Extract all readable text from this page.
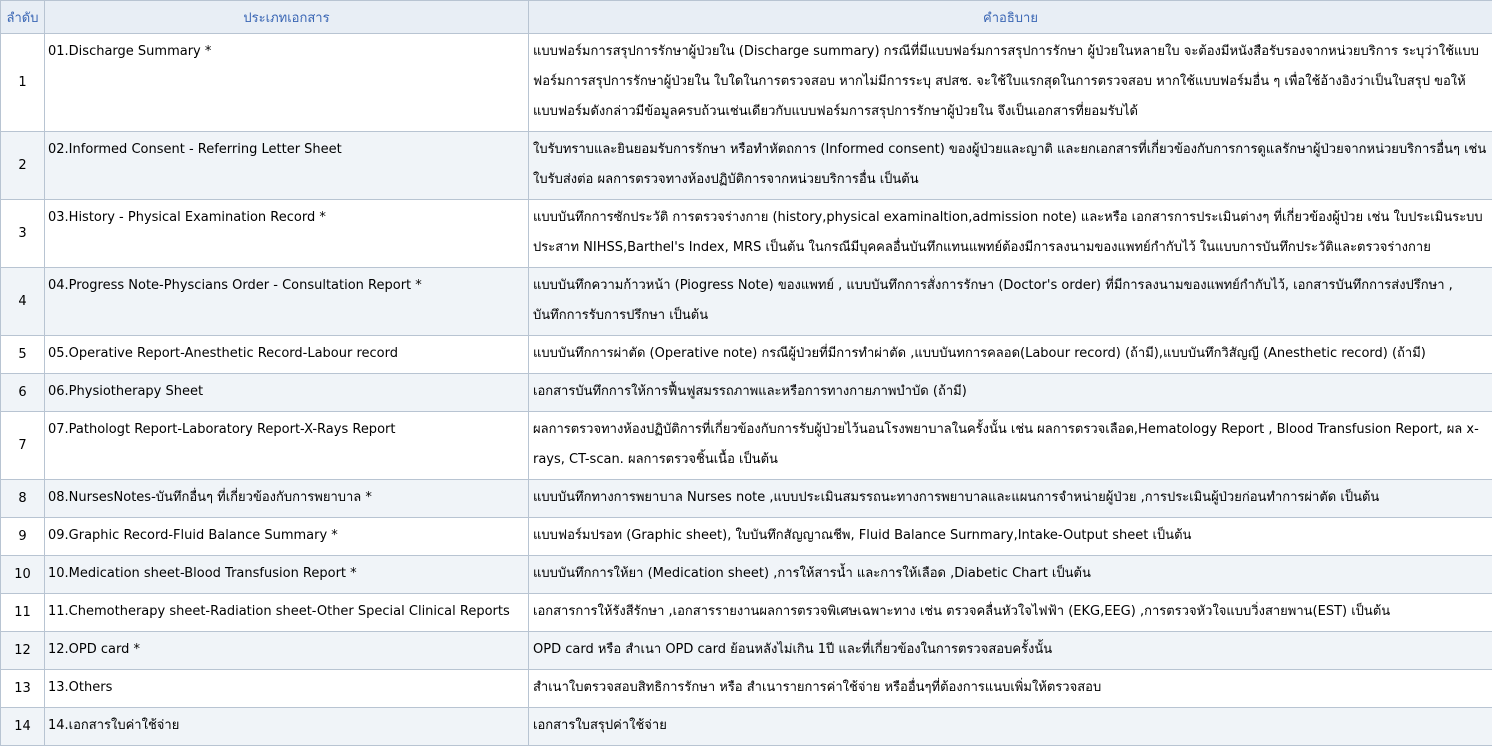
ลำดับ	ประเภทเอกสาร	คำอธิบาย
1	01.Discharge Summary *	แบบฟอร์มการสรุปการรักษาผู้ป่วยใน (Discharge summary) กรณีที่มีแบบฟอร์มการสรุปการรักษา ผู้ป่วยในหลายใบ จะต้องมีหนังสือรับรองจากหน่วยบริการ ระบุว่าใช้แบบฟอร์มการสรุปการรักษาผู้ป่วยใน ใบใดในการตรวจสอบ หากไม่มีการระบุ สปสช. จะใช้ใบแรกสุดในการตรวจสอบ หากใช้แบบฟอร์มอื่น ๆ เพื่อใช้อ้างอิงว่าเป็นใบสรุป ขอให้แบบฟอร์มดังกล่าวมีข้อมูลครบถ้วนเช่นเดียวกับแบบฟอร์มการสรุปการรักษาผู้ป่วยใน จึงเป็นเอกสารที่ยอมรับได้
2	02.Informed Consent - Referring Letter Sheet	ใบรับทราบและยินยอมรับการรักษา หรือทำหัตถการ (Informed consent) ของผู้ป่วยและญาติ และยกเอกสารที่เกี่ยวข้องกับการการดูแลรักษาผู้ป่วยจากหน่วยบริการอื่นๆ เช่นใบรับส่งต่อ ผลการตรวจทางห้องปฏิบัติการจากหน่วยบริการอื่น เป็นต้น
3	03.History - Physical Examination Record *	แบบบันทึกการซักประวัติ การตรวจร่างกาย (history,physical examinaltion,admission note) และหรือ เอกสารการประเมินต่างๆ ที่เกี่ยวข้องผู้ป่วย เช่น ใบประเมินระบบประสาท NIHSS,Barthel's Index, MRS เป็นต้น ในกรณีมีบุคคลอื่นบันทึกแทนแพทย์ต้องมีการลงนามของแพทย์กำกับไว้ ในแบบการบันทึกประวัติและตรวจร่างกาย
4	04.Progress Note-Physcians Order - Consultation Report *	แบบบันทึกความก้าวหน้า (Piogress Note) ของแพทย์ , แบบบันทึกการสั่งการรักษา (Doctor's order) ที่มีการลงนามของแพทย์กำกับไว้, เอกสารบันทึกการส่งปรึกษา , บันทึกการรับการปรึกษา เป็นต้น
5	05.Operative Report-Anesthetic Record-Labour record	แบบบันทึกการผ่าตัด (Operative note) กรณีผู้ป่วยที่มีการทำผ่าตัด ,แบบบันทการคลอด(Labour record) (ถ้ามี),แบบบันทึกวิสัญญี (Anesthetic record) (ถ้ามี)
6	06.Physiotherapy Sheet	เอกสารบันทึกการให้การฟื้นฟูสมรรถภาพและหรือการทางกายภาพบำบัด (ถ้ามี)
7	07.Pathologt Report-Laboratory Report-X-Rays Report	ผลการตรวจทางห้องปฏิบัติการที่เกี่ยวข้องกับการรับผู้ป่วยไว้นอนโรงพยาบาลในครั้งนั้น เช่น ผลการตรวจเลือด,Hematology Report , Blood Transfusion Report, ผล x-rays, CT-scan. ผลการตรวจชิ้นเนื้อ เป็นต้น
8	08.NursesNotes-บันทึกอื่นๆ ที่เกี่ยวข้องกับการพยาบาล *	แบบบันทึกทางการพยาบาล Nurses note ,แบบประเมินสมรรถนะทางการพยาบาลและแผนการจำหน่ายผู้ป่วย ,การประเมินผู้ป่วยก่อนทำการผ่าตัด เป็นต้น
9	09.Graphic Record-Fluid Balance Summary *	แบบฟอร์มปรอท (Graphic sheet), ใบบันทึกสัญญาณชีพ, Fluid Balance Surnmary,Intake-Output sheet เป็นต้น
10	10.Medication sheet-Blood Transfusion Report *	แบบบันทึกการให้ยา (Medication sheet) ,การให้สารน้ำ และการให้เลือด ,Diabetic Chart เป็นต้น
11	11.Chemotherapy sheet-Radiation sheet-Other Special Clinical Reports	เอกสารการให้รังสีรักษา ,เอกสารรายงานผลการตรวจพิเศษเฉพาะทาง เช่น ตรวจคลื่นหัวใจไฟฟ้า (EKG,EEG) ,การตรวจหัวใจแบบวิ่งสายพาน(EST) เป็นต้น
12	12.OPD card *	OPD card หรือ สำเนา OPD card ย้อนหลังไม่เกิน 1ปี และที่เกี่ยวข้องในการตรวจสอบครั้งนั้น
13	13.Others	สำเนาใบตรวจสอบสิทธิการรักษา หรือ สำเนารายการค่าใช้จ่าย หรืออื่นๆที่ต้องการแนบเพิ่มให้ตรวจสอบ
14	14.เอกสารใบค่าใช้จ่าย	เอกสารใบสรุปค่าใช้จ่าย
